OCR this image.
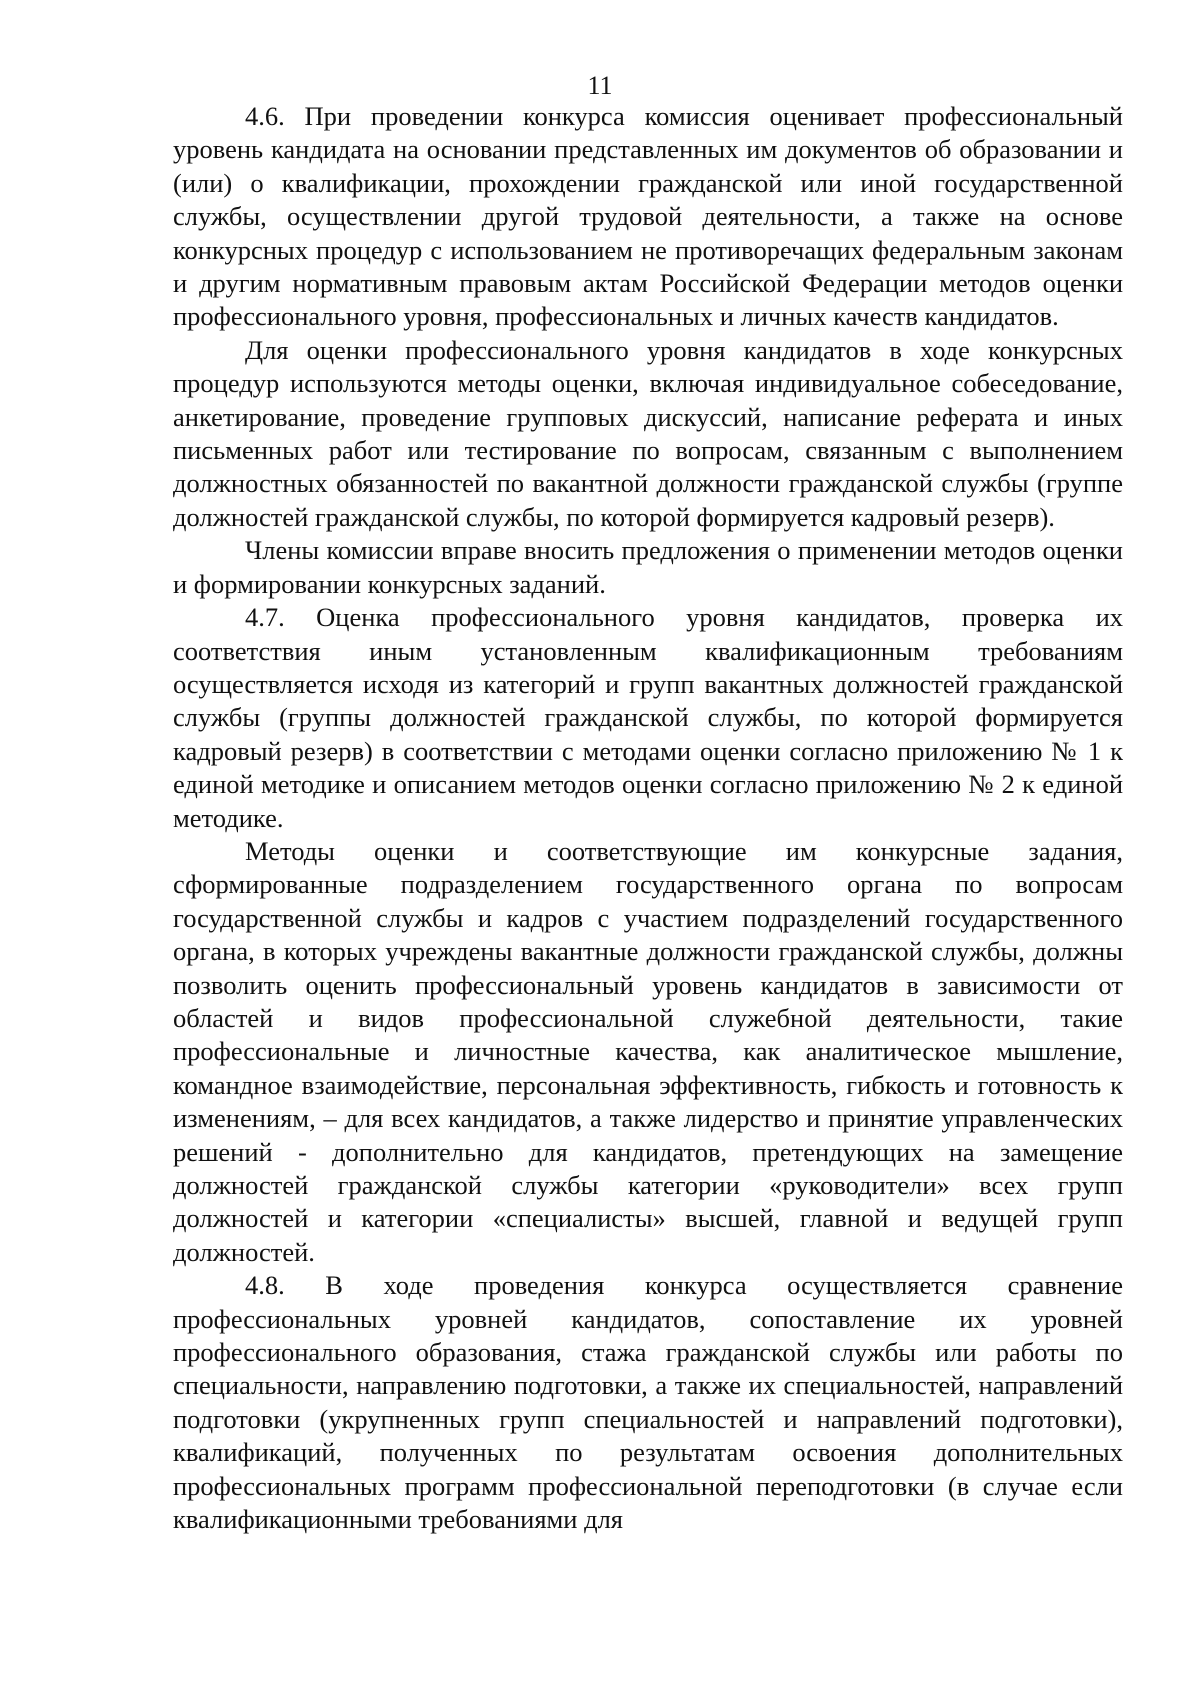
11

4.6. При проведении конкурса комиссия оценивает профессиональный уровень кандидата на основании представленных им документов об образовании и (или) о квалификации, прохождении гражданской или иной государственной службы, осуществлении другой трудовой деятельности, а также на основе конкурсных процедур с использованием не противоречащих федеральным законам и другим нормативным правовым актам Российской Федерации методов оценки профессионального уровня, профессиональных и личных качеств кандидатов.

Для оценки профессионального уровня кандидатов в ходе конкурсных процедур используются методы оценки, включая индивидуальное собеседование, анкетирование, проведение групповых дискуссий, написание реферата и иных письменных работ или тестирование по вопросам, связанным с выполнением должностных обязанностей по вакантной должности гражданской службы (группе должностей гражданской службы, по которой формируется кадровый резерв).

Члены комиссии вправе вносить предложения о применении методов оценки и формировании конкурсных заданий.

4.7. Оценка профессионального уровня кандидатов, проверка их соответствия иным установленным квалификационным требованиям осуществляется исходя из категорий и групп вакантных должностей гражданской службы (группы должностей гражданской службы, по которой формируется кадровый резерв) в соответствии с методами оценки согласно приложению № 1 к единой методике и описанием методов оценки согласно приложению № 2 к единой методике.

Методы оценки и соответствующие им конкурсные задания, сформированные подразделением государственного органа по вопросам государственной службы и кадров с участием подразделений государственного органа, в которых учреждены вакантные должности гражданской службы, должны позволить оценить профессиональный уровень кандидатов в зависимости от областей и видов профессиональной служебной деятельности, такие профессиональные и личностные качества, как аналитическое мышление, командное взаимодействие, персональная эффективность, гибкость и готовность к изменениям, – для всех кандидатов, а также лидерство и принятие управленческих решений - дополнительно для кандидатов, претендующих на замещение должностей гражданской службы категории «руководители» всех групп должностей и категории «специалисты» высшей, главной и ведущей групп должностей.

4.8. В ходе проведения конкурса осуществляется сравнение профессиональных уровней кандидатов, сопоставление их уровней профессионального образования, стажа гражданской службы или работы по специальности, направлению подготовки, а также их специальностей, направлений подготовки (укрупненных групп специальностей и направлений подготовки), квалификаций, полученных по результатам освоения дополнительных профессиональных программ профессиональной переподготовки (в случае если квалификационными требованиями для
